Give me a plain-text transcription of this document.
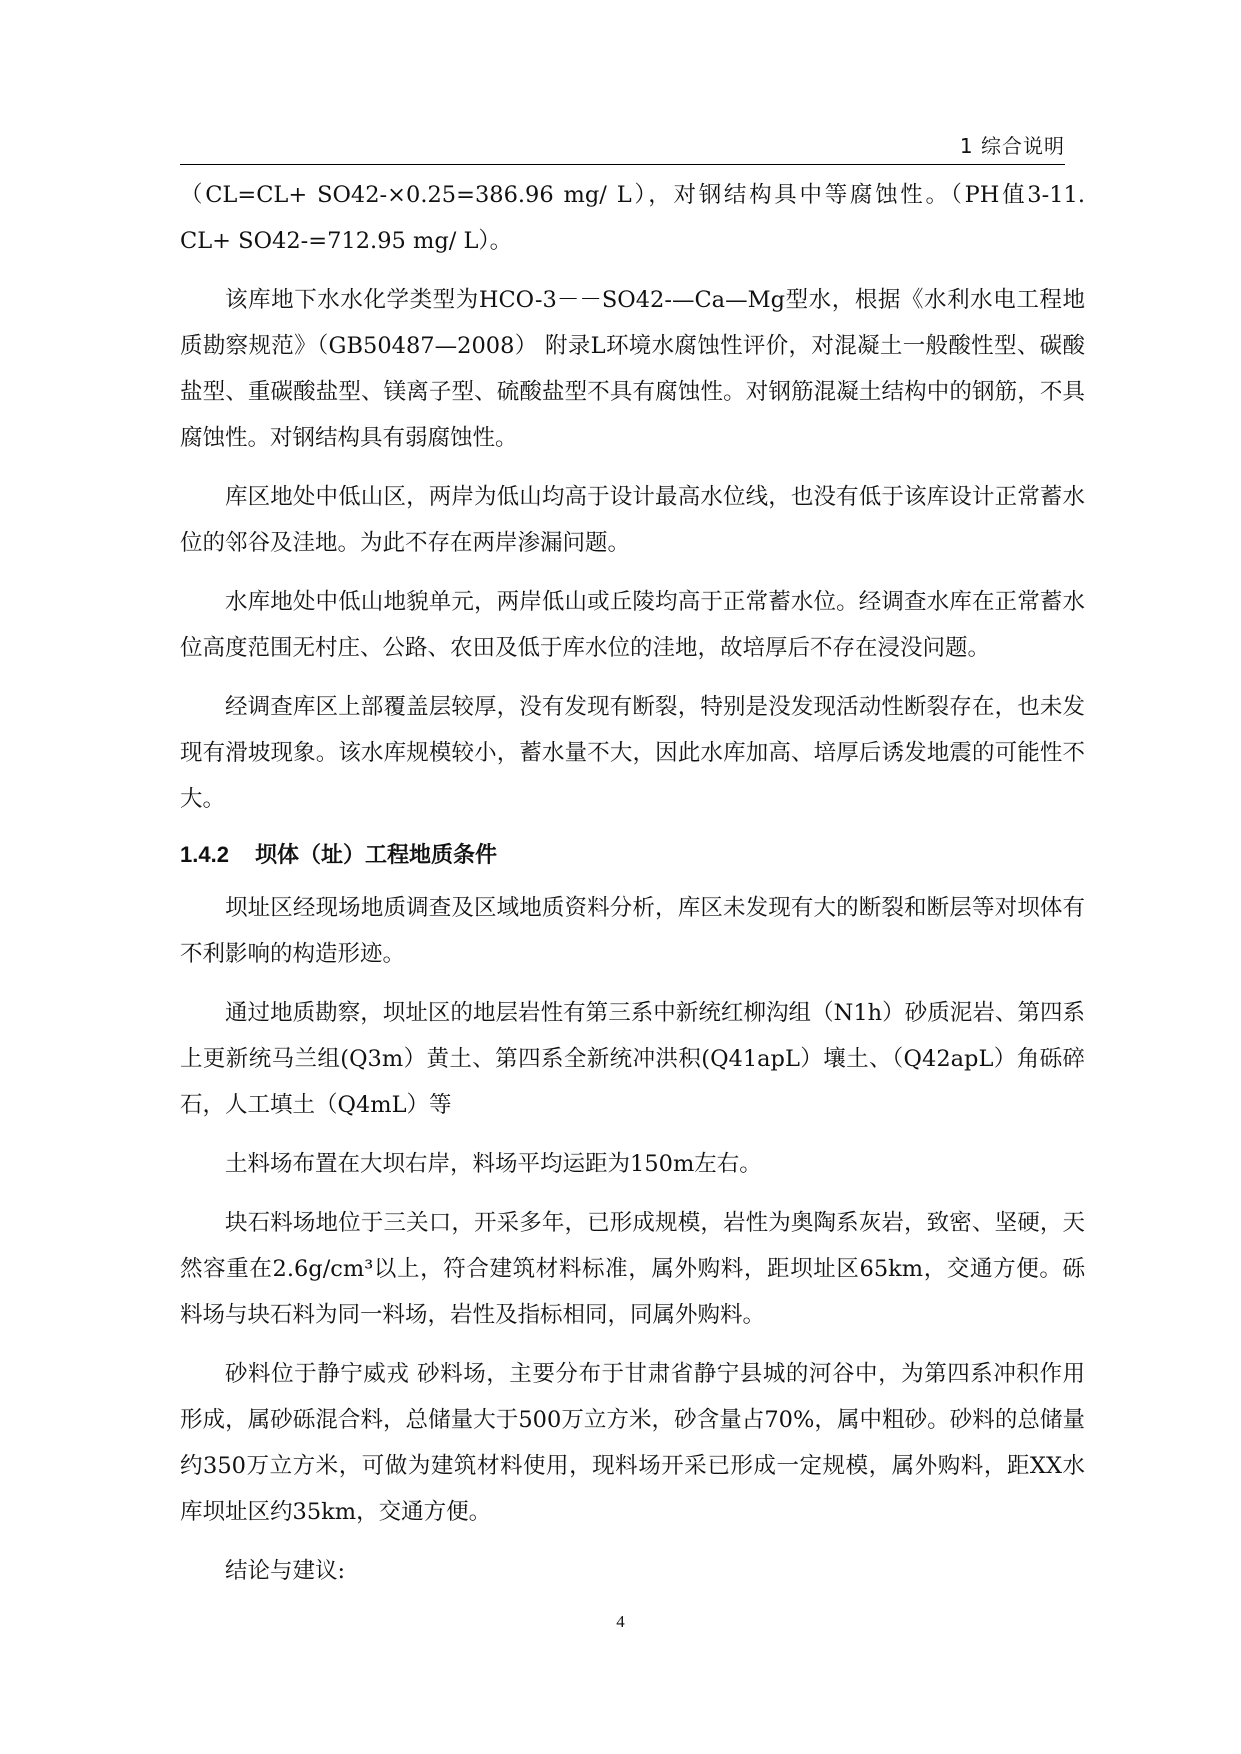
1 综合说明

（CL=CL+ SO42-×0.25=386.96 mg/ L），对钢结构具中等腐蚀性。（PH值3-11. CL+ SO42-=712.95 mg/ L）。

该库地下水水化学类型为HCO-3－－SO42-—Ca—Mg型水，根据《水利水电工程地质勘察规范》（GB50487—2008） 附录L环境水腐蚀性评价，对混凝土一般酸性型、碳酸盐型、重碳酸盐型、镁离子型、硫酸盐型不具有腐蚀性。对钢筋混凝土结构中的钢筋，不具腐蚀性。对钢结构具有弱腐蚀性。

库区地处中低山区，两岸为低山均高于设计最高水位线，也没有低于该库设计正常蓄水位的邻谷及洼地。为此不存在两岸渗漏问题。

水库地处中低山地貌单元，两岸低山或丘陵均高于正常蓄水位。经调查水库在正常蓄水位高度范围无村庄、公路、农田及低于库水位的洼地，故培厚后不存在浸没问题。

经调查库区上部覆盖层较厚，没有发现有断裂，特别是没发现活动性断裂存在，也未发现有滑坡现象。该水库规模较小，蓄水量不大，因此水库加高、培厚后诱发地震的可能性不大。

1.4.2 坝体（址）工程地质条件

坝址区经现场地质调查及区域地质资料分析，库区未发现有大的断裂和断层等对坝体有不利影响的构造形迹。

通过地质勘察，坝址区的地层岩性有第三系中新统红柳沟组（N1h）砂质泥岩、第四系上更新统马兰组(Q3m）黄土、第四系全新统冲洪积(Q41apL）壤土、（Q42apL）角砾碎石，人工填土（Q4mL）等

土料场布置在大坝右岸，料场平均运距为150m左右。

块石料场地位于三关口，开采多年，已形成规模，岩性为奥陶系灰岩，致密、坚硬，天然容重在2.6g/cm³以上，符合建筑材料标准，属外购料，距坝址区65km，交通方便。砾料场与块石料为同一料场，岩性及指标相同，同属外购料。

砂料位于静宁威戎 砂料场，主要分布于甘肃省静宁县城的河谷中，为第四系冲积作用形成，属砂砾混合料，总储量大于500万立方米，砂含量占70%，属中粗砂。砂料的总储量约350万立方米，可做为建筑材料使用，现料场开采已形成一定规模，属外购料，距XX水库坝址区约35km，交通方便。

结论与建议:

4
